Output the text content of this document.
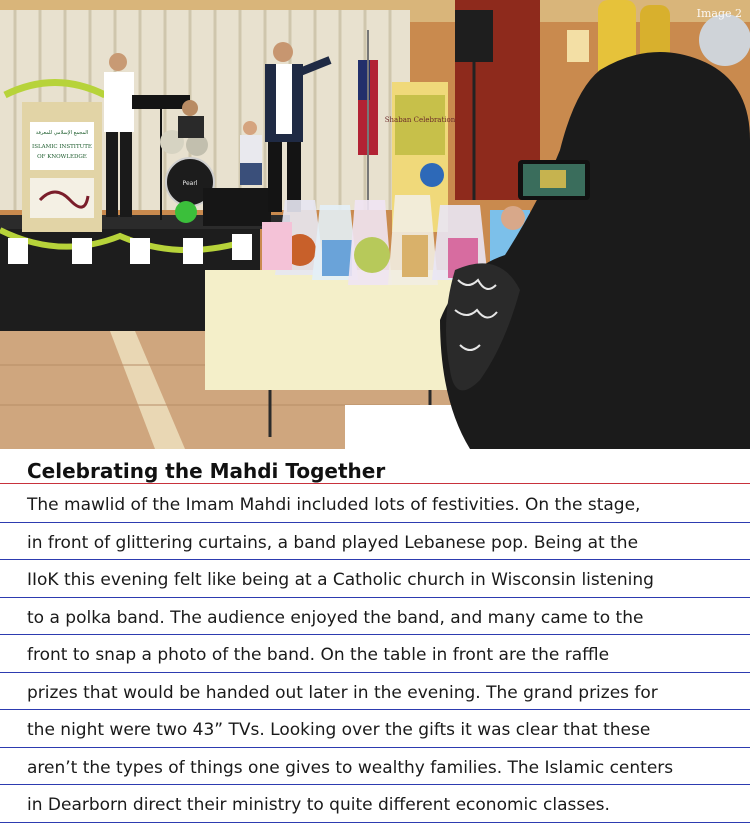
Shaban Celebration
المجمع الإسلامي للمعرفة
ISLAMIC INSTITUTE
OF KNOWLEDGE
Pearl
Image 2
Celebrating the Mahdi Together
The mawlid of the Imam Mahdi included lots of festivities. On the stage,
in front of glittering curtains, a band played Lebanese pop. Being at the
IIoK this evening felt like being at a Catholic church in Wisconsin listening
to a polka band. The audience enjoyed the band, and many came to the
front to snap a photo of the band. On the table in front are the raffle
prizes that would be handed out later in the evening. The grand prizes for
the night were two 43” TVs. Looking over the gifts it was clear that these
aren’t the types of things one gives to wealthy families. The Islamic centers
in Dearborn direct their ministry to quite different economic classes.
